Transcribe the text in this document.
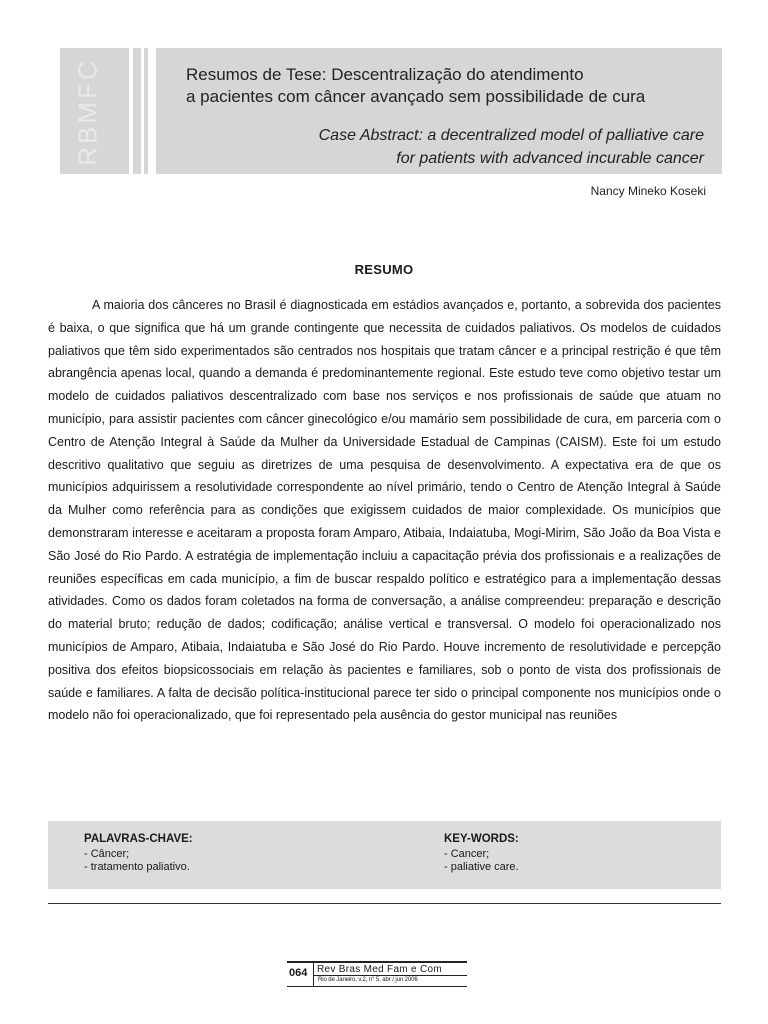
RBMFC	Resumos de Tese: Descentralização do atendimento
a pacientes com câncer avançado sem possibilidade de cura
Case Abstract: a decentralized model of palliative care
for patients with advanced incurable cancer
Nancy Mineko Koseki
RESUMO

A maioria dos cânceres no Brasil é diagnosticada em estádios avançados e, portanto, a sobrevida dos pacientes é baixa, o que significa que há um grande contingente que necessita de cuidados paliativos. Os modelos de cuidados paliativos que têm sido experimentados são centrados nos hospitais que tratam câncer e a principal restrição é que têm abrangência apenas local, quando a demanda é predominantemente regional. Este estudo teve como objetivo testar um modelo de cuidados paliativos descentralizado com base nos serviços e nos profissionais de saúde que atuam no município, para assistir pacientes com câncer ginecológico e/ou mamário sem possibilidade de cura, em parceria com o Centro de Atenção Integral à Saúde da Mulher da Universidade Estadual de Campinas (CAISM). Este foi um estudo descritivo qualitativo que seguiu as diretrizes de uma pesquisa de desenvolvimento. A expectativa era de que os municípios adquirissem a resolutividade correspondente ao nível primário, tendo o Centro de Atenção Integral à Saúde da Mulher como referência para as condições que exigissem cuidados de maior complexidade. Os municípios que demonstraram interesse e aceitaram a proposta foram Amparo, Atibaia, Indaiatuba, Mogi-Mirim, São João da Boa Vista e São José do Rio Pardo. A estratégia de implementação incluiu a capacitação prévia dos profissionais e a realizações de reuniões específicas em cada município, a fim de buscar respaldo político e estratégico para a implementação dessas atividades. Como os dados foram coletados na forma de conversação, a análise compreendeu: preparação e descrição do material bruto; redução de dados; codificação; análise vertical e transversal. O modelo foi operacionalizado nos municípios de Amparo, Atibaia, Indaiatuba e São José do Rio Pardo. Houve incremento de resolutividade e percepção positiva dos efeitos biopsicossociais em relação às pacientes e familiares, sob o ponto de vista dos profissionais de saúde e familiares. A falta de decisão política-institucional parece ter sido o principal componente nos municípios onde o modelo não foi operacionalizado, que foi representado pela ausência do gestor municipal nas reuniões

PALAVRAS-CHAVE:
- Câncer;
- tratamento paliativo.
KEY-WORDS:
- Cancer;
- paliative care.
064 Rev Bras Med Fam e Com
Rio de Janeiro, v.2, n° 5, abr / jun 2006
